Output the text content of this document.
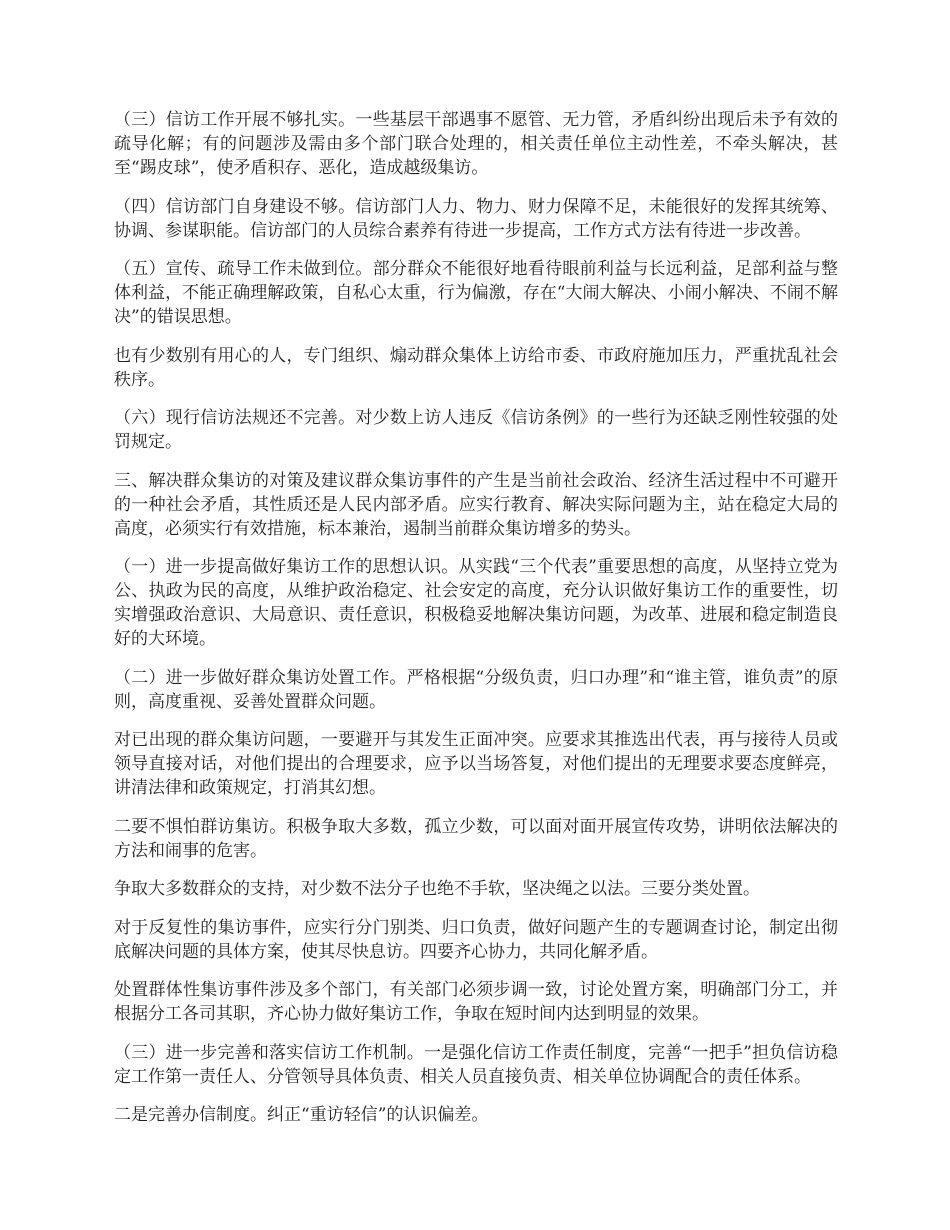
（三）信访工作开展不够扎实。一些基层干部遇事不愿管、无力管，矛盾纠纷出现后未予有效的疏导化解；有的问题涉及需由多个部门联合处理的，相关责任单位主动性差，不牵头解决，甚至“踢皮球”，使矛盾积存、恶化，造成越级集访。

（四）信访部门自身建设不够。信访部门人力、物力、财力保障不足，未能很好的发挥其统筹、协调、参谋职能。信访部门的人员综合素养有待进一步提高，工作方式方法有待进一步改善。

（五）宣传、疏导工作未做到位。部分群众不能很好地看待眼前利益与长远利益，足部利益与整体利益，不能正确理解政策，自私心太重，行为偏激，存在“大闹大解决、小闹小解决、不闹不解决”的错误思想。

也有少数别有用心的人，专门组织、煽动群众集体上访给市委、市政府施加压力，严重扰乱社会秩序。

（六）现行信访法规还不完善。对少数上访人违反《信访条例》的一些行为还缺乏刚性较强的处罚规定。

三、解决群众集访的对策及建议群众集访事件的产生是当前社会政治、经济生活过程中不可避开的一种社会矛盾，其性质还是人民内部矛盾。应实行教育、解决实际问题为主，站在稳定大局的高度，必须实行有效措施，标本兼治，遏制当前群众集访增多的势头。

（一）进一步提高做好集访工作的思想认识。从实践“三个代表”重要思想的高度，从坚持立党为公、执政为民的高度，从维护政治稳定、社会安定的高度，充分认识做好集访工作的重要性，切实增强政治意识、大局意识、责任意识，积极稳妥地解决集访问题，为改革、进展和稳定制造良好的大环境。

（二）进一步做好群众集访处置工作。严格根据“分级负责，归口办理”和“谁主管，谁负责”的原则，高度重视、妥善处置群众问题。

对已出现的群众集访问题，一要避开与其发生正面冲突。应要求其推选出代表，再与接待人员或领导直接对话，对他们提出的合理要求，应予以当场答复，对他们提出的无理要求要态度鲜亮，讲清法律和政策规定，打消其幻想。

二要不惧怕群访集访。积极争取大多数，孤立少数，可以面对面开展宣传攻势，讲明依法解决的方法和闹事的危害。

争取大多数群众的支持，对少数不法分子也绝不手软，坚决绳之以法。三要分类处置。

对于反复性的集访事件，应实行分门别类、归口负责，做好问题产生的专题调查讨论，制定出彻底解决问题的具体方案，使其尽快息访。四要齐心协力，共同化解矛盾。

处置群体性集访事件涉及多个部门，有关部门必须步调一致，讨论处置方案，明确部门分工，并根据分工各司其职，齐心协力做好集访工作，争取在短时间内达到明显的效果。

（三）进一步完善和落实信访工作机制。一是强化信访工作责任制度，完善“一把手”担负信访稳定工作第一责任人、分管领导具体负责、相关人员直接负责、相关单位协调配合的责任体系。

二是完善办信制度。纠正“重访轻信”的认识偏差。
